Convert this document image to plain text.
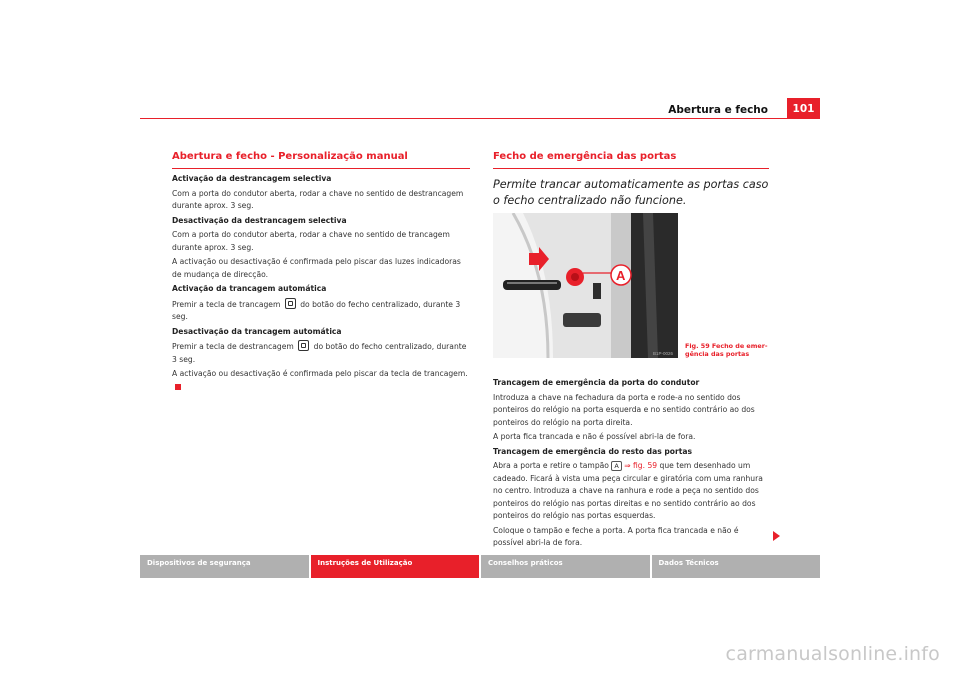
Abertura e fecho	101
Abertura e fecho - Personalização manual
Activação da destrancagem selectiva
Com a porta do condutor aberta, rodar a chave no sentido de destrancagem durante aprox. 3 seg.
Desactivação da destrancagem selectiva
Com a porta do condutor aberta, rodar a chave no sentido de trancagem durante aprox. 3 seg.
A activação ou desactivação é confirmada pelo piscar das luzes indicadoras de mudança de direcção.
Activação da trancagem automática
Premir a tecla de trancagem	do botão do fecho centralizado, durante 3 seg.
Desactivação da trancagem automática
Premir a tecla de destrancagem	do botão do fecho centralizado, durante 3 seg.
A activação ou desactivação é confirmada pelo piscar da tecla de trancagem.
Fecho de emergência das portas
Permite trancar automaticamente as portas caso o fecho centralizado não funcione.
A
B1P-0026
Fig. 59 Fecho de emer-gência das portas
Trancagem de emergência da porta do condutor
Introduza a chave na fechadura da porta e rode-a no sentido dos ponteiros do relógio na porta esquerda e no sentido contrário ao dos ponteiros do relógio na porta direita.
A porta fica trancada e não é possível abri-la de fora.
Trancagem de emergência do resto das portas
Abra a porta e retire o tampão A ⇒ fig. 59 que tem desenhado um cadeado. Ficará à vista uma peça circular e giratória com uma ranhura no centro. Introduza a chave na ranhura e rode a peça no sentido dos ponteiros do relógio nas portas direitas e no sentido contrário ao dos ponteiros do relógio nas portas esquerdas.
Coloque o tampão e feche a porta. A porta fica trancada e não é possível abri-la de fora.
Dispositivos de segurança	Instruções de Utilização	Conselhos práticos	Dados Técnicos
carmanualsonline.info
